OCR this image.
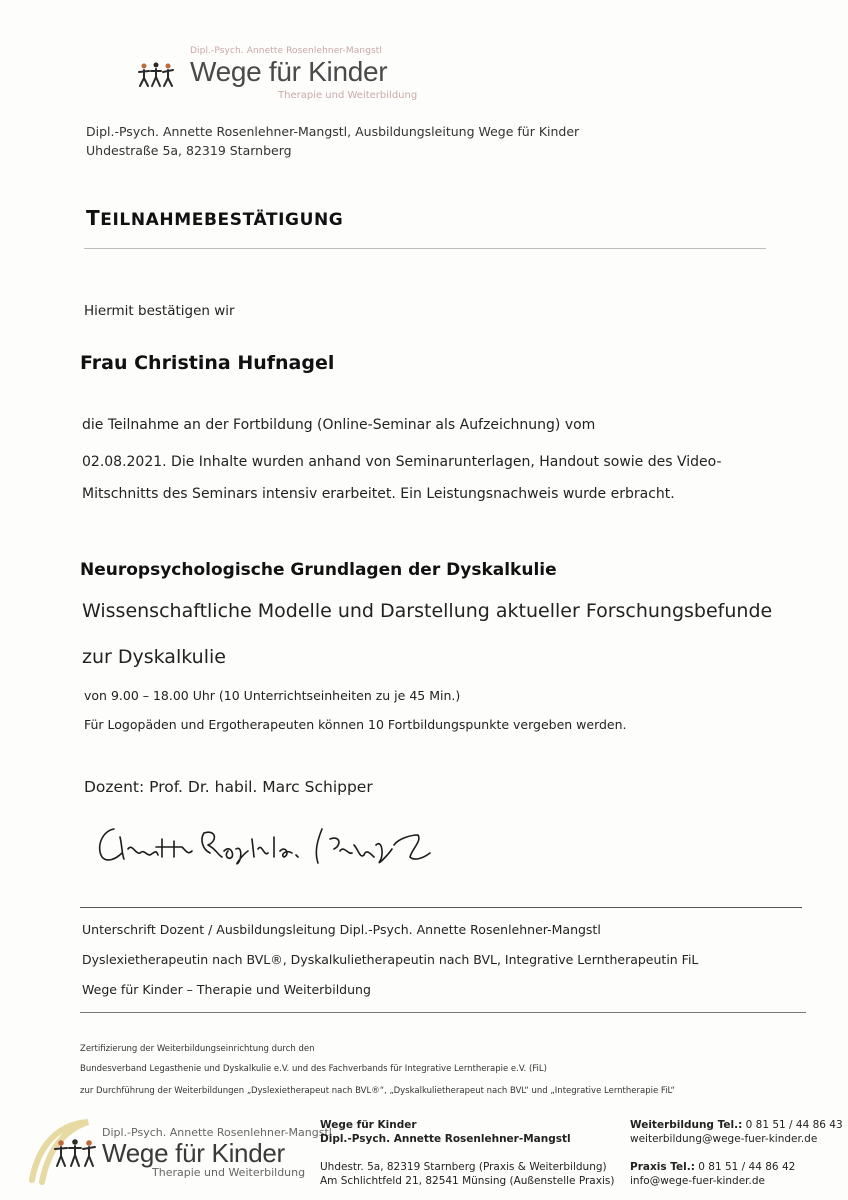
Dipl.-Psych. Annette Rosenlehner-Mangstl
Wege für Kinder
Therapie und Weiterbildung
Dipl.-Psych. Annette Rosenlehner-Mangstl, Ausbildungsleitung Wege für Kinder
Uhdestraße 5a, 82319 Starnberg
TEILNAHMEBESTÄTIGUNG
Hiermit bestätigen wir
Frau Christina Hufnagel
die Teilnahme an der Fortbildung (Online-Seminar als Aufzeichnung) vom
02.08.2021. Die Inhalte wurden anhand von Seminarunterlagen, Handout sowie des Video-
Mitschnitts des Seminars intensiv erarbeitet. Ein Leistungsnachweis wurde erbracht.
Neuropsychologische Grundlagen der Dyskalkulie
Wissenschaftliche Modelle und Darstellung aktueller Forschungsbefunde
zur Dyskalkulie
von 9.00 – 18.00 Uhr (10 Unterrichtseinheiten zu je 45 Min.)
Für Logopäden und Ergotherapeuten können 10 Fortbildungspunkte vergeben werden.
Dozent: Prof. Dr. habil. Marc Schipper
Unterschrift Dozent / Ausbildungsleitung Dipl.-Psych. Annette Rosenlehner-Mangstl
Dyslexietherapeutin nach BVL®, Dyskalkulietherapeutin nach BVL, Integrative Lerntherapeutin FiL
Wege für Kinder – Therapie und Weiterbildung
Zertifizierung der Weiterbildungseinrichtung durch den
Bundesverband Legasthenie und Dyskalkulie e.V. und des Fachverbands für Integrative Lerntherapie e.V. (FiL)
zur Durchführung der Weiterbildungen „Dyslexietherapeut nach BVL®“, „Dyskalkulietherapeut nach BVL“ und „Integrative Lerntherapie FiL“
Dipl.-Psych. Annette Rosenlehner-Mangstl
Wege für Kinder
Therapie und Weiterbildung
Wege für Kinder
Dipl.-Psych. Annette Rosenlehner-Mangstl
Uhdestr. 5a, 82319 Starnberg (Praxis & Weiterbildung)
Am Schlichtfeld 21, 82541 Münsing (Außenstelle Praxis)
Weiterbildung Tel.: 0 81 51 / 44 86 43
weiterbildung@wege-fuer-kinder.de
Praxis Tel.: 0 81 51 / 44 86 42
info@wege-fuer-kinder.de
